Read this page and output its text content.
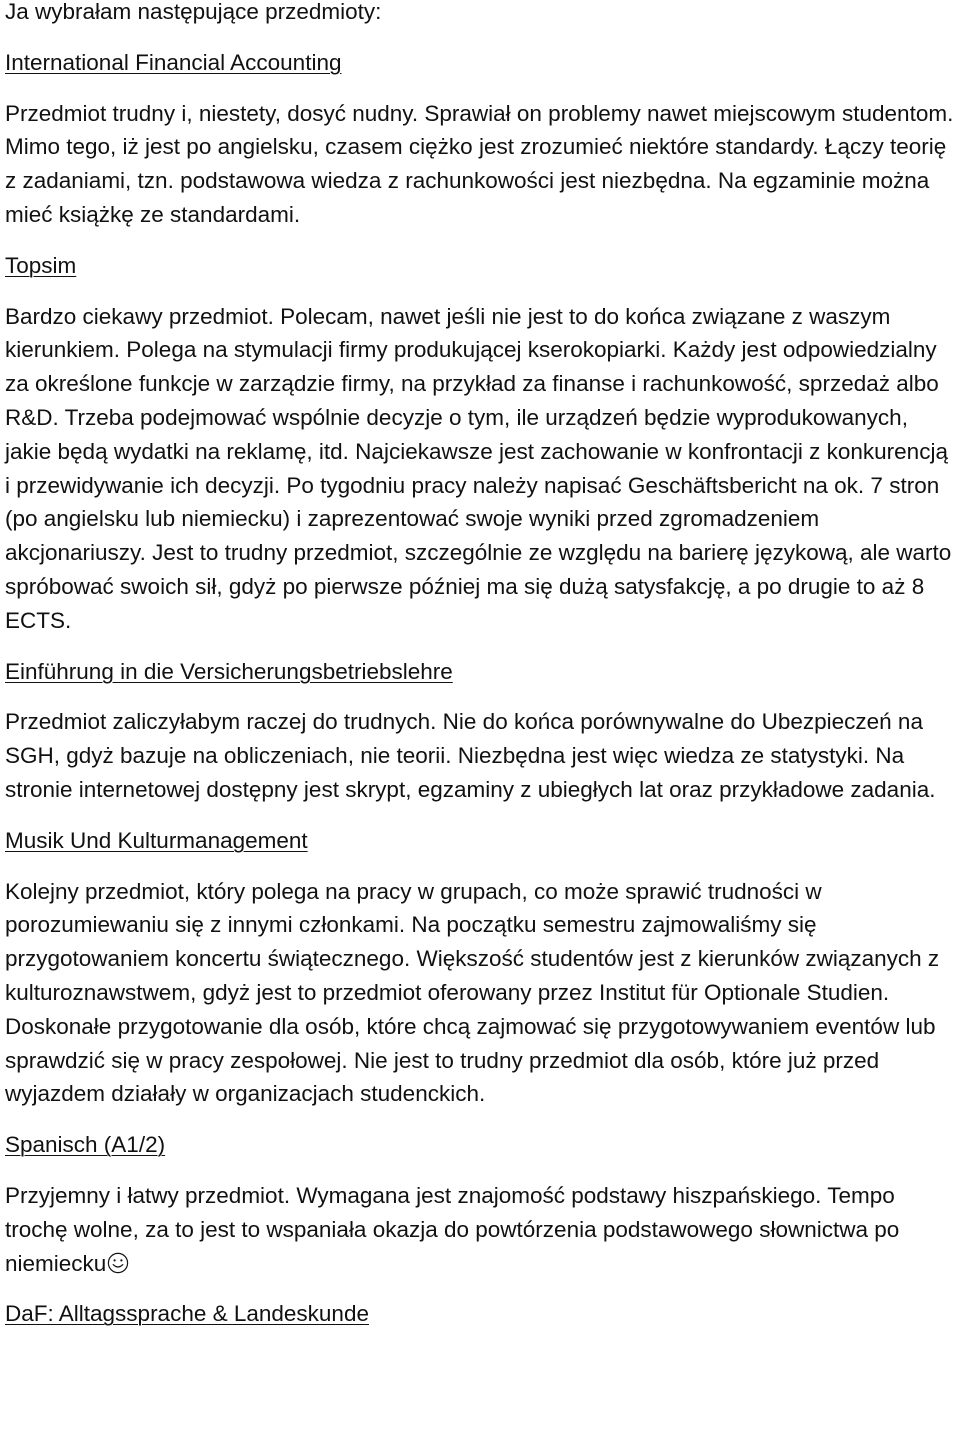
Ja wybrałam następujące przedmioty:

International Financial Accounting

Przedmiot trudny i, niestety, dosyć nudny. Sprawiał on problemy nawet miejscowym studentom. Mimo tego, iż jest po angielsku, czasem ciężko jest zrozumieć niektóre standardy. Łączy teorię z zadaniami, tzn. podstawowa wiedza z rachunkowości jest niezbędna. Na egzaminie można mieć książkę ze standardami.

Topsim

Bardzo ciekawy przedmiot. Polecam, nawet jeśli nie jest to do końca związane z waszym kierunkiem. Polega na stymulacji firmy produkującej kserokopiarki. Każdy jest odpowiedzialny za określone funkcje w zarządzie firmy, na przykład za finanse i rachunkowość, sprzedaż albo R&D. Trzeba podejmować wspólnie decyzje o tym, ile urządzeń będzie wyprodukowanych, jakie będą wydatki na reklamę, itd. Najciekawsze jest zachowanie w konfrontacji z konkurencją i przewidywanie ich decyzji. Po tygodniu pracy należy napisać Geschäftsbericht na ok. 7 stron (po angielsku lub niemiecku) i zaprezentować swoje wyniki przed zgromadzeniem akcjonariuszy. Jest to trudny przedmiot, szczególnie ze względu na barierę językową, ale warto spróbować swoich sił, gdyż po pierwsze później ma się dużą satysfakcję, a po drugie to aż 8 ECTS.

Einführung in die Versicherungsbetriebslehre

Przedmiot zaliczyłabym raczej do trudnych. Nie do końca porównywalne do Ubezpieczeń na SGH, gdyż bazuje na obliczeniach, nie teorii. Niezbędna jest więc wiedza ze statystyki. Na stronie internetowej dostępny jest skrypt, egzaminy z ubiegłych lat oraz przykładowe zadania.

Musik Und Kulturmanagement

Kolejny przedmiot, który polega na pracy w grupach, co może sprawić trudności w porozumiewaniu się z innymi członkami. Na początku semestru zajmowaliśmy się przygotowaniem koncertu świątecznego. Większość studentów jest z kierunków związanych z kulturoznawstwem, gdyż jest to przedmiot oferowany przez Institut für Optionale Studien. Doskonałe przygotowanie dla osób, które chcą zajmować się przygotowywaniem eventów lub sprawdzić się w pracy zespołowej. Nie jest to trudny przedmiot dla osób, które już przed wyjazdem działały w organizacjach studenckich.

Spanisch (A1/2)

Przyjemny i łatwy przedmiot. Wymagana jest znajomość podstawy hiszpańskiego. Tempo trochę wolne, za to jest to wspaniała okazja do powtórzenia podstawowego słownictwa po niemiecku

DaF: Alltagssprache & Landeskunde
